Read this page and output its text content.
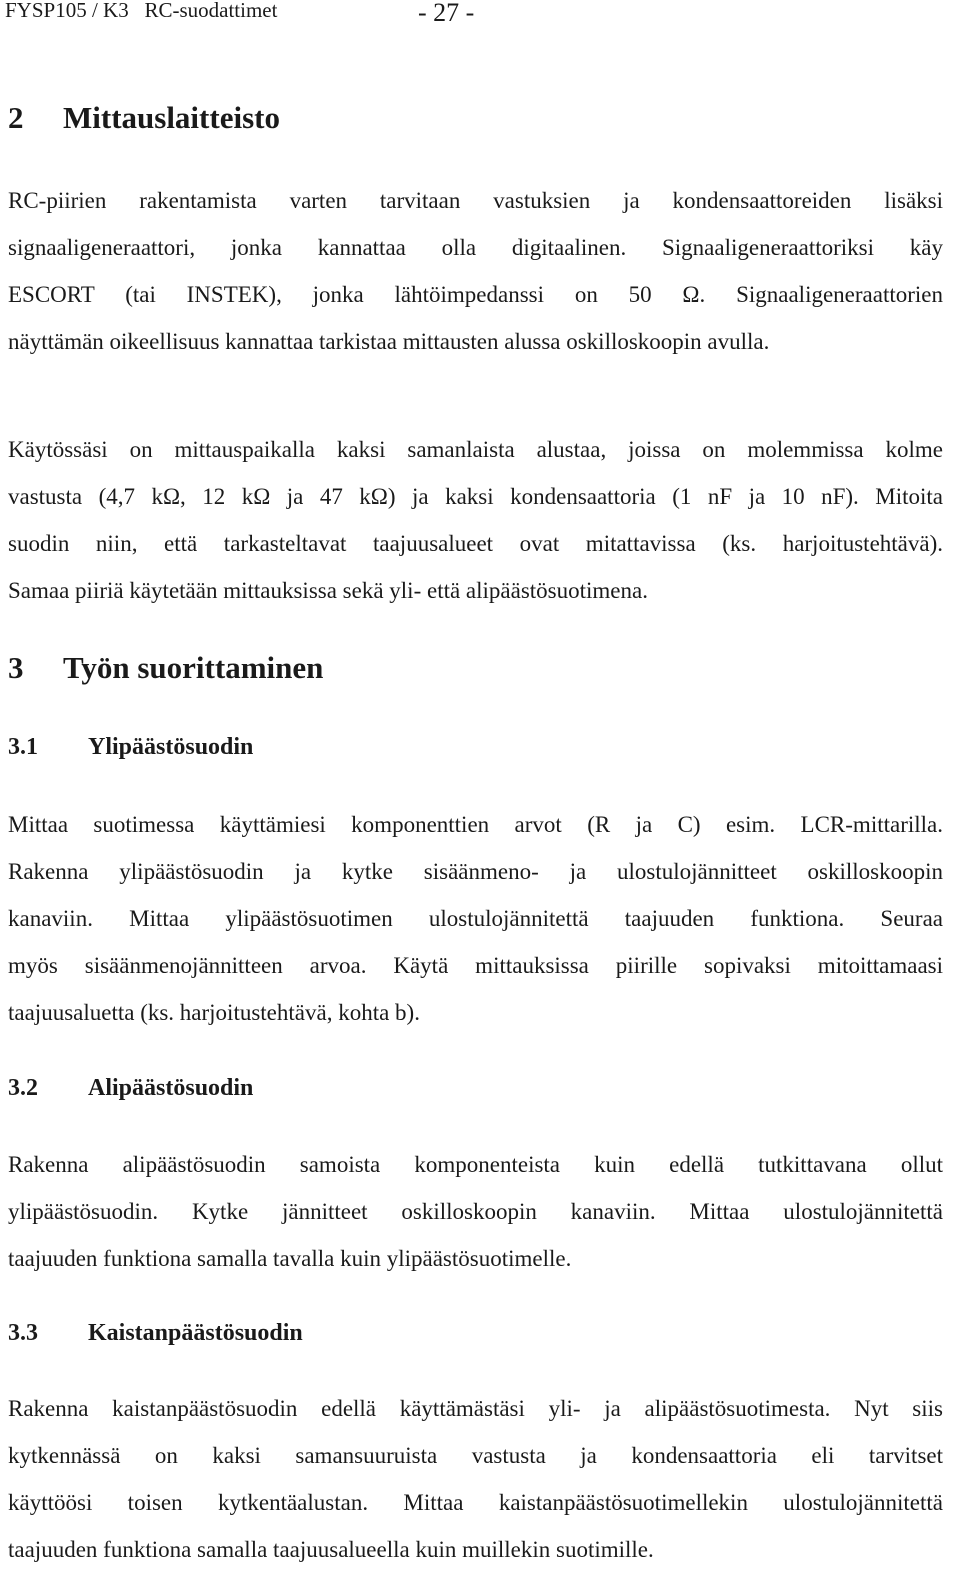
FYSP105 / K3   RC-suodattimet	- 27 -
2 Mittauslaitteisto
RC-piirien rakentamista varten tarvitaan vastuksien ja kondensaattoreiden lisäksi
signaaligeneraattori, jonka kannattaa olla digitaalinen. Signaaligeneraattoriksi käy
ESCORT (tai INSTEK), jonka lähtöimpedanssi on 50 Ω. Signaaligeneraattorien
näyttämän oikeellisuus kannattaa tarkistaa mittausten alussa oskilloskoopin avulla.
Käytössäsi on mittauspaikalla kaksi samanlaista alustaa, joissa on molemmissa kolme
vastusta (4,7 kΩ, 12 kΩ ja 47 kΩ) ja kaksi kondensaattoria (1 nF ja 10 nF). Mitoita
suodin niin, että tarkasteltavat taajuusalueet ovat mitattavissa (ks. harjoitustehtävä).
Samaa piiriä käytetään mittauksissa sekä yli- että alipäästösuotimena.
3 Työn suorittaminen
3.1 Ylipäästösuodin
Mittaa suotimessa käyttämiesi komponenttien arvot (R ja C) esim. LCR-mittarilla.
Rakenna ylipäästösuodin ja kytke sisäänmeno- ja ulostulojännitteet oskilloskoopin
kanaviin. Mittaa ylipäästösuotimen ulostulojännitettä taajuuden funktiona. Seuraa
myös sisäänmenojännitteen arvoa. Käytä mittauksissa piirille sopivaksi mitoittamaasi
taajuusaluetta (ks. harjoitustehtävä, kohta b).
3.2 Alipäästösuodin
Rakenna alipäästösuodin samoista komponenteista kuin edellä tutkittavana ollut
ylipäästösuodin. Kytke jännitteet oskilloskoopin kanaviin. Mittaa ulostulojännitettä
taajuuden funktiona samalla tavalla kuin ylipäästösuotimelle.
3.3 Kaistanpäästösuodin
Rakenna kaistanpäästösuodin edellä käyttämästäsi yli- ja alipäästösuotimesta. Nyt siis
kytkennässä on kaksi samansuuruista vastusta ja kondensaattoria eli tarvitset
käyttöösi toisen kytkentäalustan. Mittaa kaistanpäästösuotimellekin ulostulojännitettä
taajuuden funktiona samalla taajuusalueella kuin muillekin suotimille.
